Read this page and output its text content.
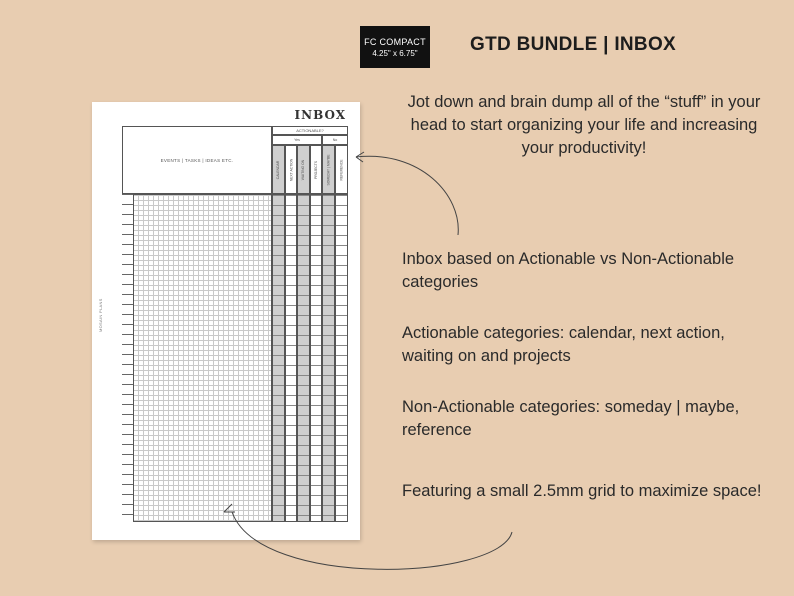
FC COMPACT
4.25" x 6.75"	GTD BUNDLE | INBOX
INBOX
MOSAIN PLANS
EVENTS | TASKS | IDEAS ETC.
ACTIONABLE?
Yes	No
CALENDAR	NEXT ACTION WAITING ON	PROJECTS	SOMEDAY | MAYBE	REFERENCE
Jot down and brain dump all of the “stuff” in your head to start organizing your life and increasing your productivity!
Inbox based on Actionable vs Non-Actionable categories
Actionable categories: calendar, next action, waiting on and projects
Non-Actionable categories: someday | maybe, reference
Featuring a small 2.5mm grid to maximize space!
